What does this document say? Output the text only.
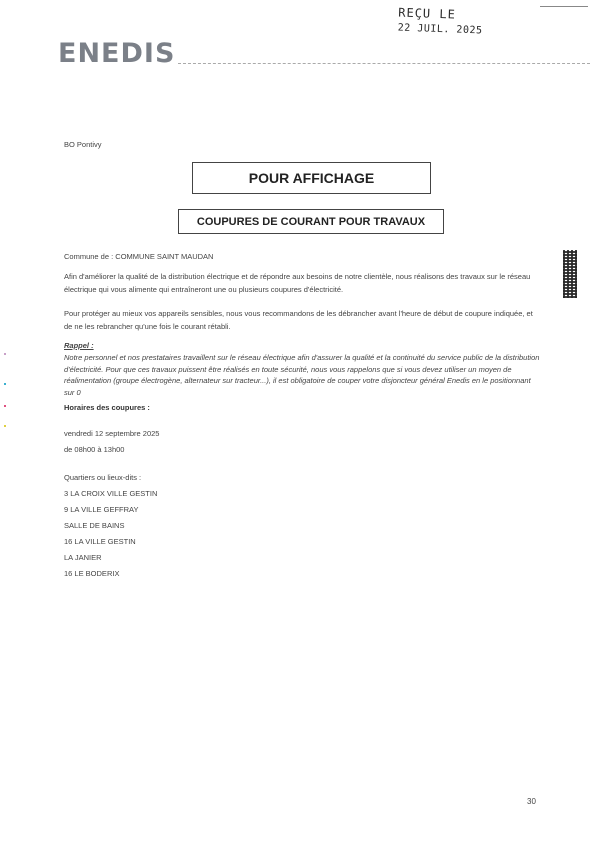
REÇU LE
22 JUIL. 2025
ENEDIS
BO Pontivy
POUR AFFICHAGE
COUPURES DE COURANT POUR TRAVAUX
Commune de : COMMUNE SAINT MAUDAN
Afin d'améliorer la qualité de la distribution électrique et de répondre aux besoins de notre clientèle, nous réalisons des travaux sur le réseau électrique qui vous alimente qui entraîneront une ou plusieurs coupures d'électricité.
Pour protéger au mieux vos appareils sensibles, nous vous recommandons de les débrancher avant l'heure de début de coupure indiquée, et de ne les rebrancher qu'une fois le courant rétabli.
Rappel :
Notre personnel et nos prestataires travaillent sur le réseau électrique afin d'assurer la qualité et la continuité du service public de la distribution d'électricité. Pour que ces travaux puissent être réalisés en toute sécurité, nous vous rappelons que si vous devez utiliser un moyen de réalimentation (groupe électrogène, alternateur sur tracteur...), il est obligatoire de couper votre disjoncteur général Enedis en le positionnant sur 0
Horaires des coupures :
vendredi 12 septembre 2025
de 08h00 à 13h00
Quartiers ou lieux-dits :
3 LA CROIX VILLE GESTIN
9 LA VILLE GEFFRAY
SALLE DE BAINS
16 LA VILLE GESTIN
LA JANIER
16 LE BODERIX
30
